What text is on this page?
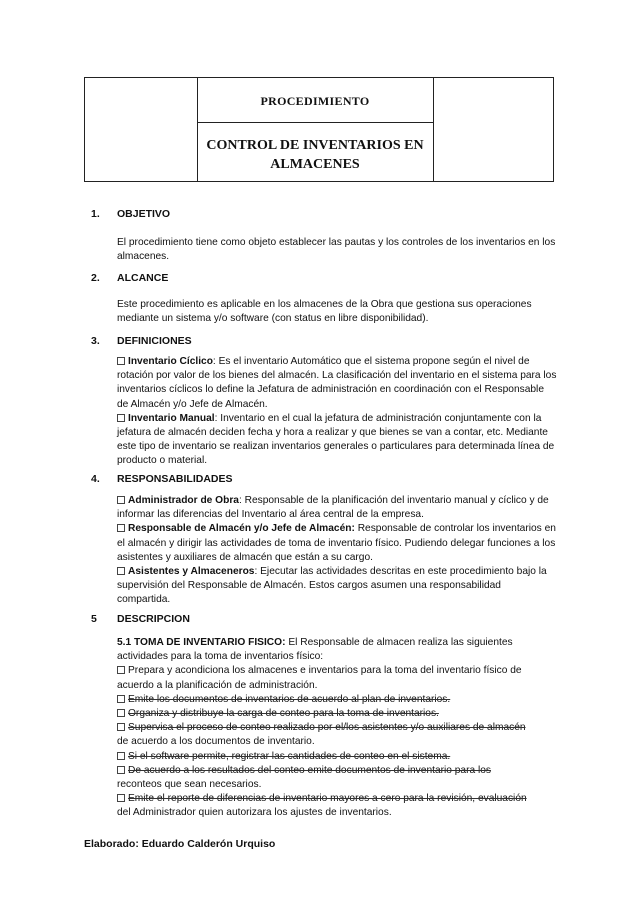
PROCEDIMIENTO
CONTROL DE INVENTARIOS EN
ALMACENES
1. OBJETIVO

El procedimiento tiene como objeto establecer las pautas y los controles de los inventarios en los almacenes.

2. ALCANCE

Este procedimiento es aplicable en los almacenes de la Obra que gestiona sus operaciones mediante un sistema y/o software (con status en libre disponibilidad).

3. DEFINICIONES

Inventario Cíclico: Es el inventario Automático que el sistema propone según el nivel de rotación por valor de los bienes del almacén. La clasificación del inventario en el sistema para los inventarios cíclicos lo define la Jefatura de administración en coordinación con el Responsable de Almacén y/o Jefe de Almacén.

Inventario Manual: Inventario en el cual la jefatura de administración conjuntamente con la jefatura de almacén deciden fecha y hora a realizar y que bienes se van a contar, etc. Mediante este tipo de inventario se realizan inventarios generales o particulares para determinada línea de producto o material.

4. RESPONSABILIDADES

Administrador de Obra: Responsable de la planificación del inventario manual y cíclico y de informar las diferencias del Inventario al área central de la empresa.

Responsable de Almacén y/o Jefe de Almacén: Responsable de controlar los inventarios en el almacén y dirigir las actividades de toma de inventario físico. Pudiendo delegar funciones a los asistentes y auxiliares de almacén que están a su cargo.

Asistentes y Almaceneros: Ejecutar las actividades descritas en este procedimiento bajo la supervisión del Responsable de Almacén. Estos cargos asumen una responsabilidad compartida.

5 DESCRIPCION

5.1 TOMA DE INVENTARIO FISICO: El Responsable de almacen realiza las siguientes actividades para la toma de inventarios físico:

Prepara y acondiciona los almacenes e inventarios para la toma del inventario físico de acuerdo a la planificación de administración.

Emite los documentos de inventarios de acuerdo al plan de inventarios.

Organiza y distribuye la carga de conteo para la toma de inventarios.

Supervisa el proceso de conteo realizado por el/los asistentes y/o auxiliares de almacén
de acuerdo a los documentos de inventario.

Si el software permite, registrar las cantidades de conteo en el sistema.

De acuerdo a los resultados del conteo emite documentos de inventario para los
reconteos que sean necesarios.

Emite el reporte de diferencias de inventario mayores a cero para la revisión, evaluación
del Administrador quien autorizara los ajustes de inventarios.

Elaborado: Eduardo Calderón Urquiso
